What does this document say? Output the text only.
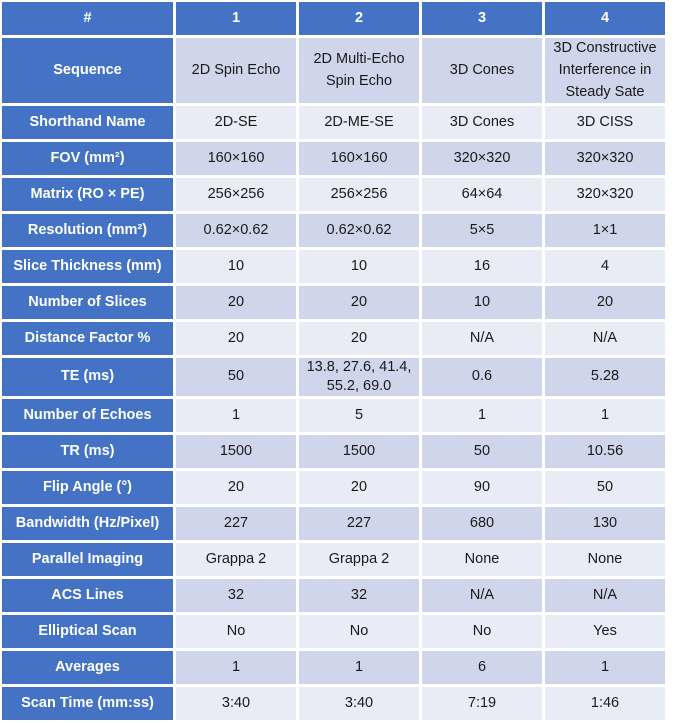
#	1	2	3	4
Sequence	2D Spin Echo	2D Multi-Echo Spin Echo	3D Cones	3D Constructive Interference in Steady Sate
Shorthand Name	2D-SE	2D-ME-SE	3D Cones	3D CISS
FOV (mm²)	160×160	160×160	320×320	320×320
Matrix (RO × PE)	256×256	256×256	64×64	320×320
Resolution (mm²)	0.62×0.62	0.62×0.62	5×5	1×1
Slice Thickness (mm)	10	10	16	4
Number of Slices	20	20	10	20
Distance Factor %	20	20	N/A	N/A
TE (ms)	50	13.8, 27.6, 41.4, 55.2, 69.0	0.6	5.28
Number of Echoes	1	5	1	1
TR (ms)	1500	1500	50	10.56
Flip Angle (°)	20	20	90	50
Bandwidth (Hz/Pixel)	227	227	680	130
Parallel Imaging	Grappa 2	Grappa 2	None	None
ACS Lines	32	32	N/A	N/A
Elliptical Scan	No	No	No	Yes
Averages	1	1	6	1
Scan Time (mm:ss)	3:40	3:40	7:19	1:46
